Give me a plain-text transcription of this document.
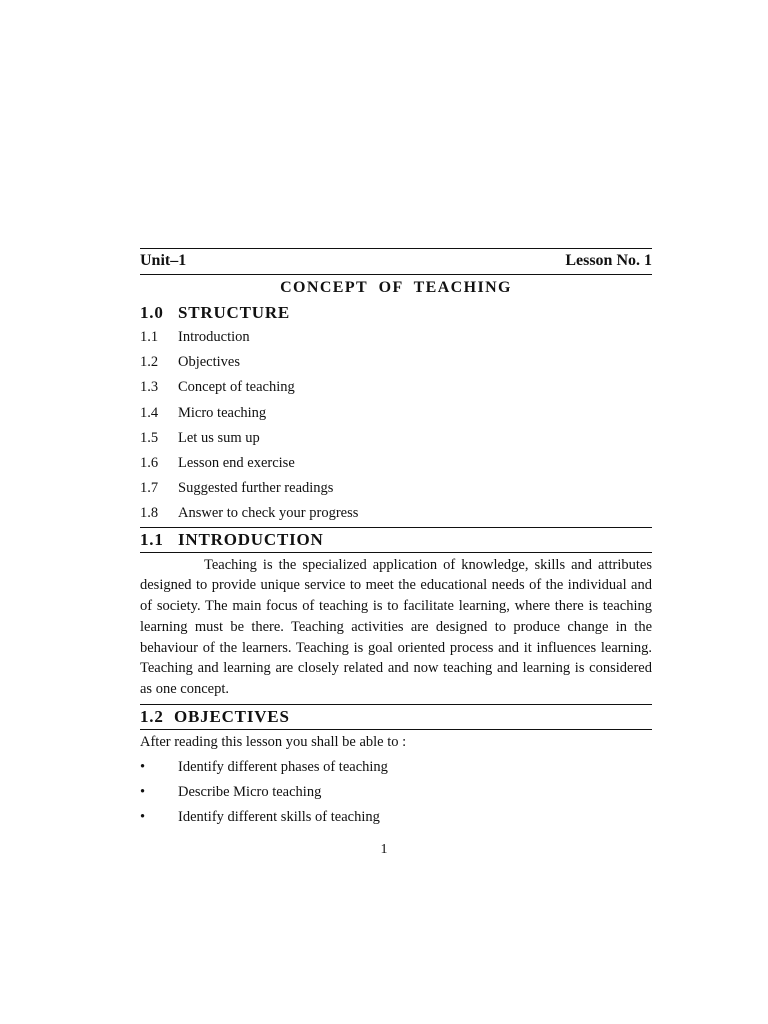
Unit–1	Lesson No. 1
CONCEPT  OF  TEACHING
1.0 STRUCTURE
1.1	Introduction
1.2	Objectives
1.3	Concept of teaching
1.4	Micro teaching
1.5	Let us sum up
1.6	Lesson end exercise
1.7	Suggested further readings
1.8	Answer to check your progress
1.1 INTRODUCTION

Teaching is the specialized application of knowledge, skills and attributes designed to provide unique service to meet the educational needs of the individual and of society. The main focus of teaching is to facilitate learning, where there is teaching learning must be there. Teaching activities are designed to produce change in the behaviour of the learners. Teaching is goal oriented process and it influences learning. Teaching and learning are closely related and now teaching and learning is considered as one concept.

1.2 OBJECTIVES
After reading this lesson you shall be able to :
•	Identify different phases of teaching
•	Describe Micro teaching
•	Identify different skills of teaching
1
